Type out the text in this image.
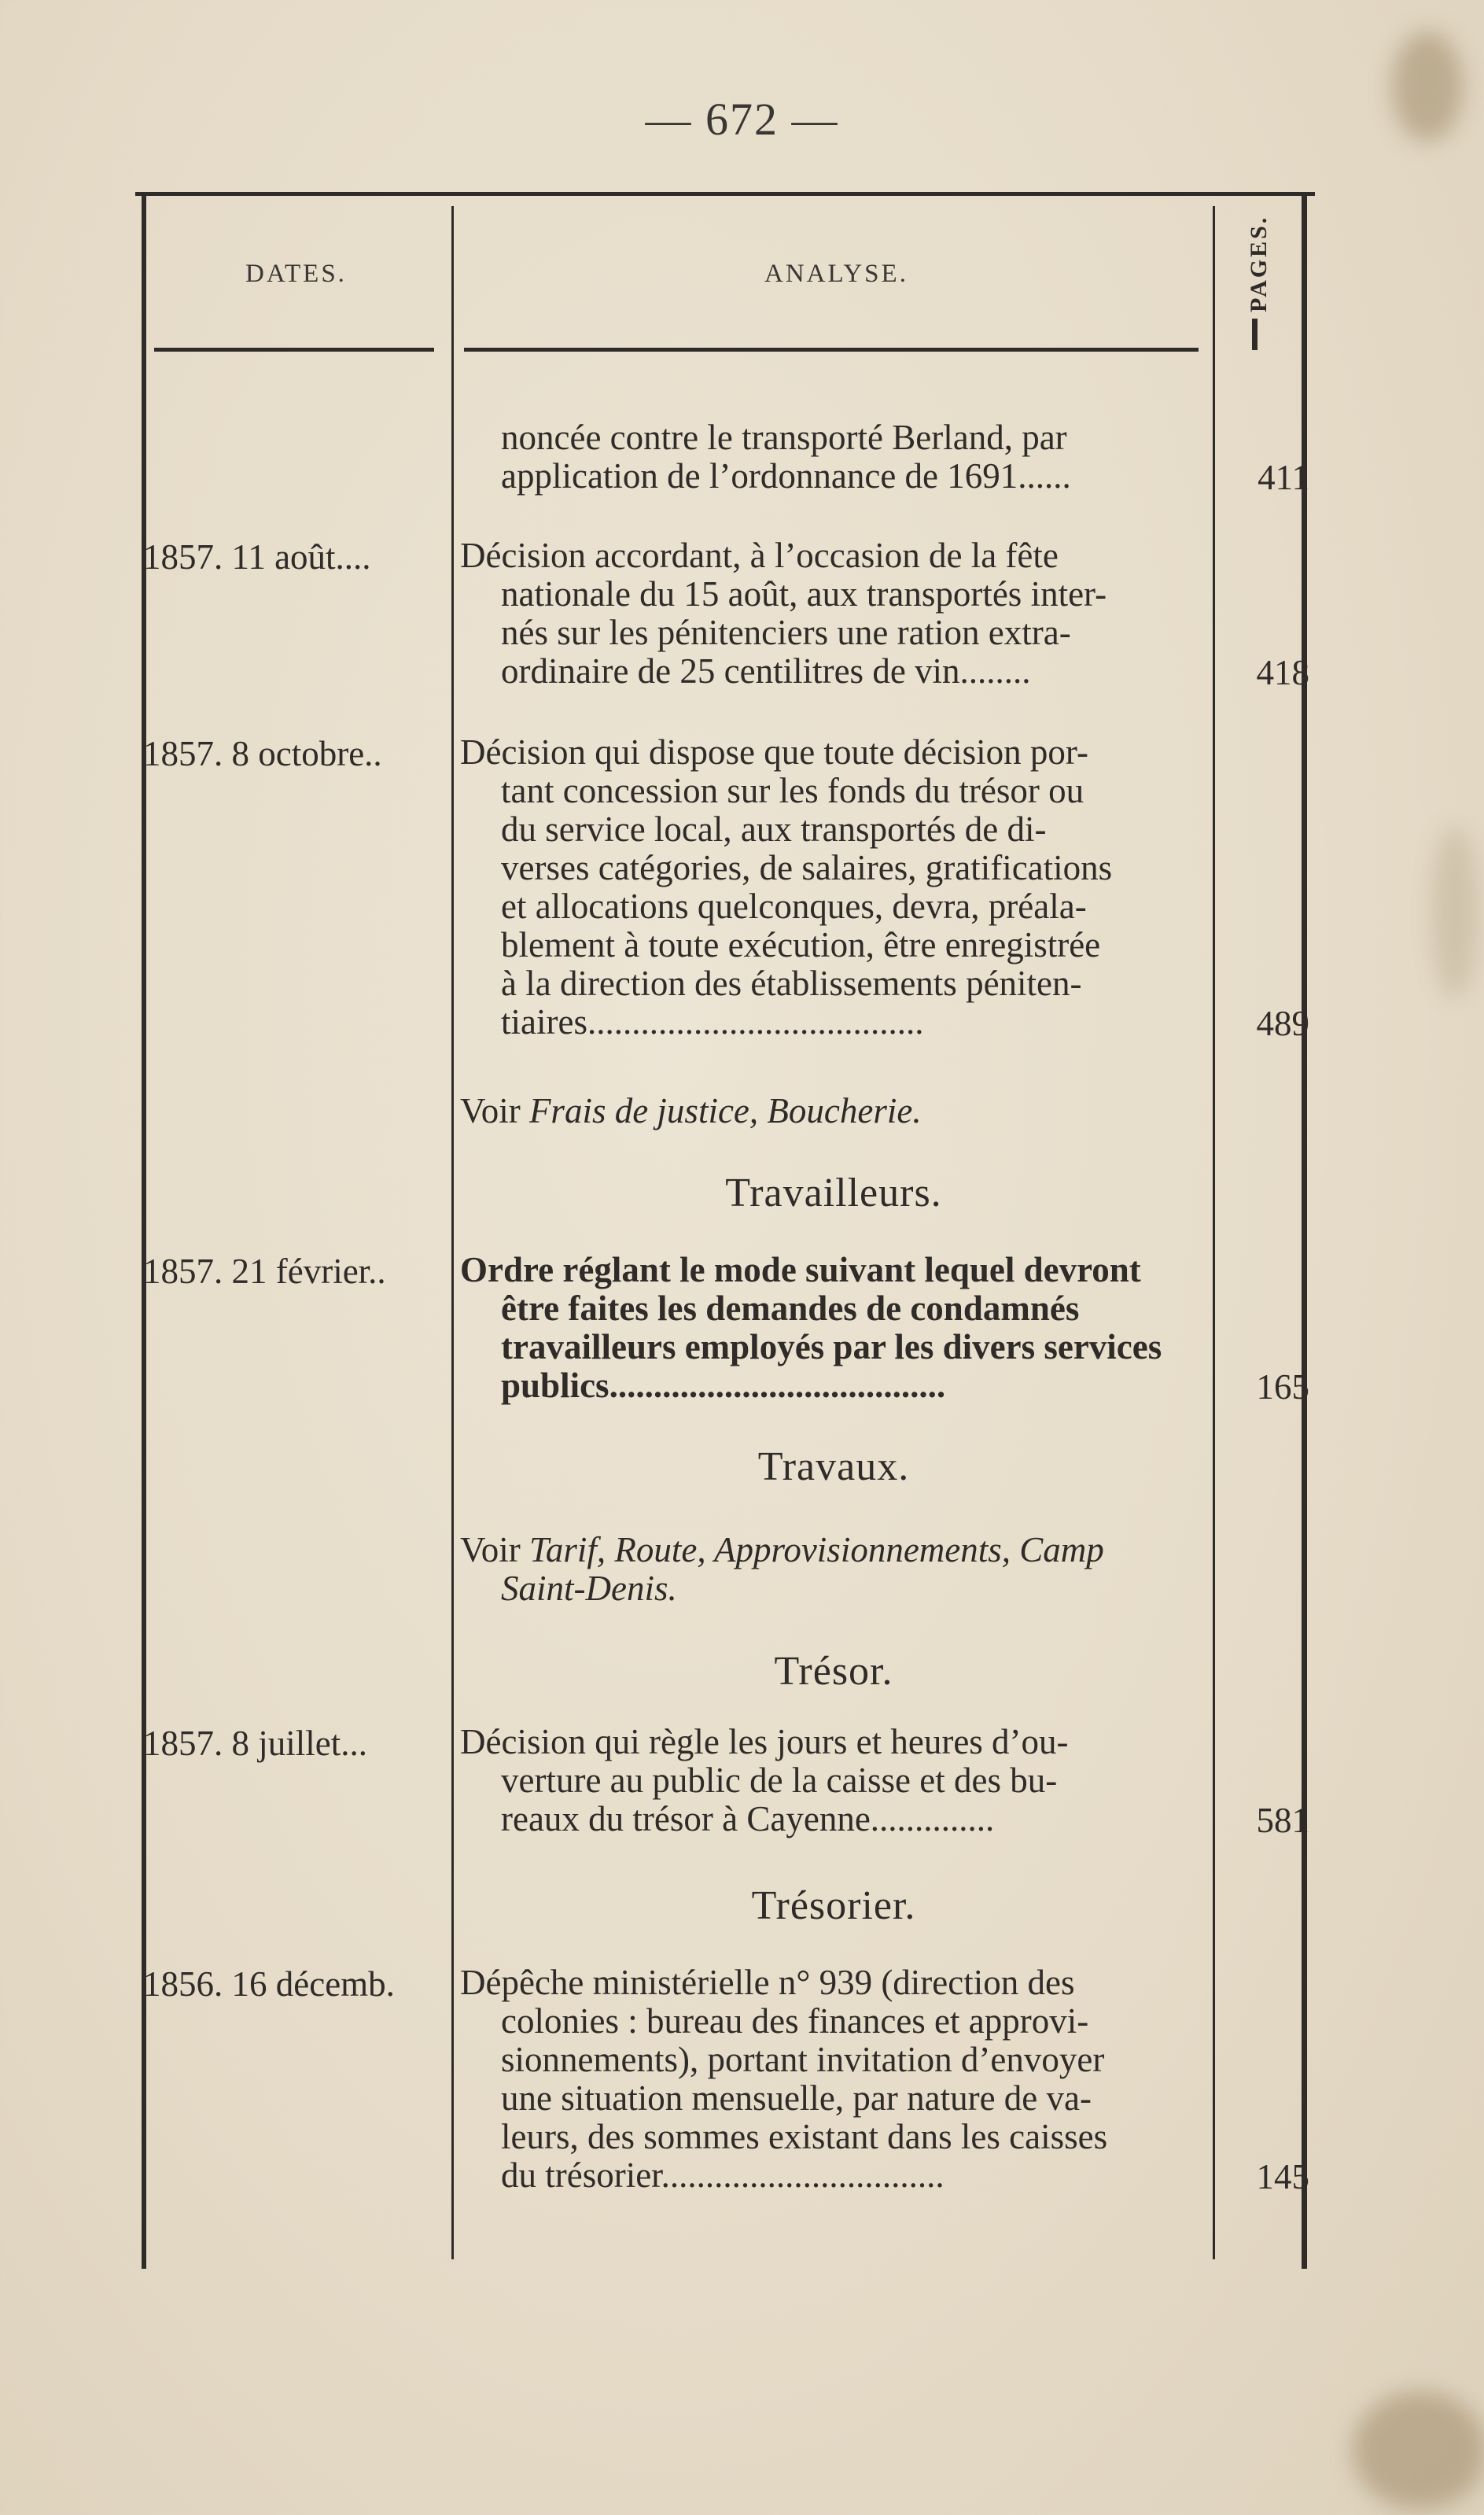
— 672 —
DATES.	ANALYSE.	PAGES.
noncée contre le transporté Berland, par
application de l’ordonnance de 1691......	411
1857. 11 août....	Décision accordant, à l’occasion de la fête
nationale du 15 août, aux transportés inter-
nés sur les pénitenciers une ration extra-
ordinaire de 25 centilitres de vin........	418
1857. 8 octobre.. Décision qui dispose que toute décision por-
tant concession sur les fonds du trésor ou
du service local, aux transportés de di-
verses catégories, de salaires, gratifications
et allocations quelconques, devra, préala-
blement à toute exécution, être enregistrée
à la direction des établissements péniten-
tiaires......................................	489
Voir Frais de justice, Boucherie.
Travailleurs.
1857. 21 février.. Ordre réglant le mode suivant lequel devront
être faites les demandes de condamnés
travailleurs employés par les divers services
publics......................................	165
Travaux.
Voir Tarif, Route, Approvisionnements, Camp
Saint-Denis.
Trésor.
1857. 8 juillet...	Décision qui règle les jours et heures d’ou-
verture au public de la caisse et des bu-
reaux du trésor à Cayenne..............	581
Trésorier.
1856. 16 décemb. Dépêche ministérielle n° 939 (direction des
colonies : bureau des finances et approvi-
sionnements), portant invitation d’envoyer
une situation mensuelle, par nature de va-
leurs, des sommes existant dans les caisses
du trésorier................................	145
